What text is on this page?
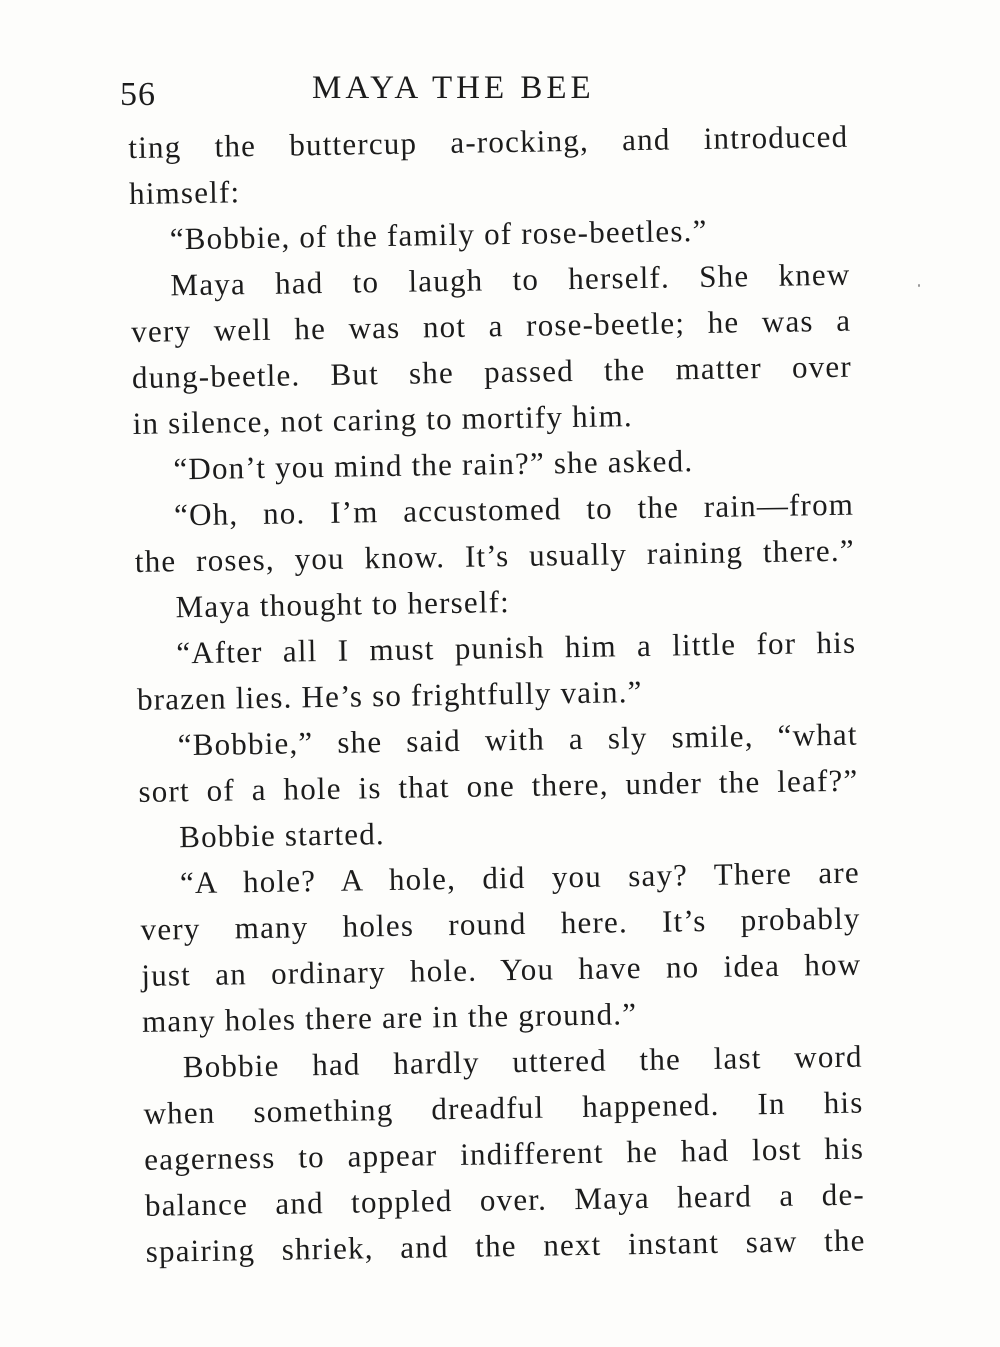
56	MAYA THE BEE
ting the buttercup a-rocking, and introduced
himself:
“Bobbie, of the family of rose-beetles.”
Maya had to laugh to herself. She knew
very well he was not a rose-beetle; he was a
dung-beetle. But she passed the matter over
in silence, not caring to mortify him.
“Don’t you mind the rain?” she asked.
“Oh, no. I’m accustomed to the rain—from
the roses, you know. It’s usually raining there.”
Maya thought to herself:
“After all I must punish him a little for his
brazen lies. He’s so frightfully vain.”
“Bobbie,” she said with a sly smile, “what
sort of a hole is that one there, under the leaf?”
Bobbie started.
“A hole? A hole, did you say? There are
very many holes round here. It’s probably
just an ordinary hole. You have no idea how
many holes there are in the ground.”
Bobbie had hardly uttered the last word
when something dreadful happened. In his
eagerness to appear indifferent he had lost his
balance and toppled over. Maya heard a de-
spairing shriek, and the next instant saw the
